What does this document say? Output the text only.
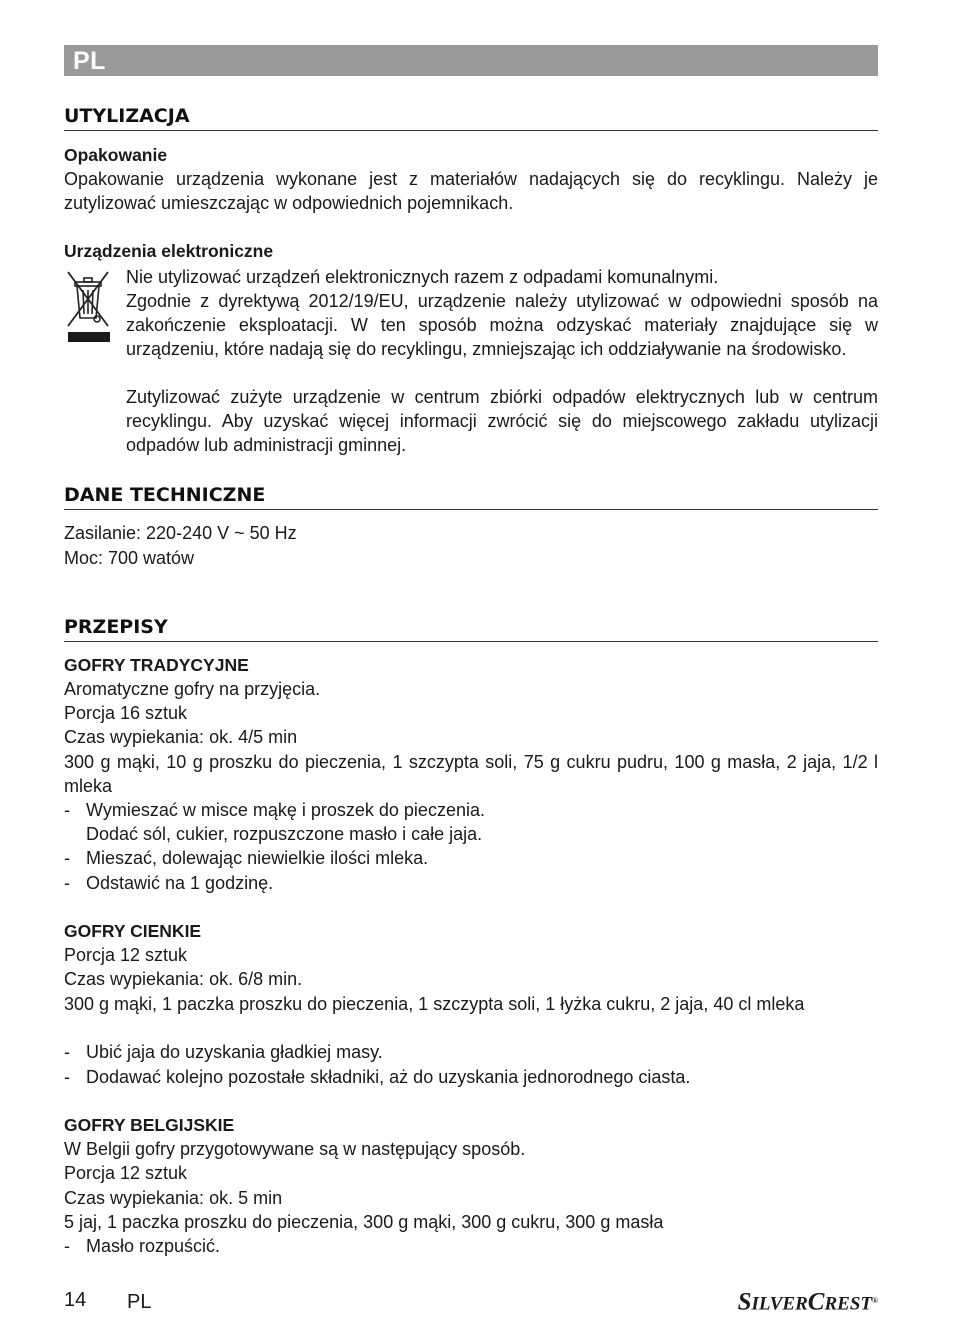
PL
UTYLIZACJA
Opakowanie
Opakowanie urządzenia wykonane jest z materiałów nadających się do recyklingu. Należy je zutylizować umieszczając w odpowiednich pojemnikach.
Urządzenia elektroniczne
Nie utylizować urządzeń elektronicznych razem z odpadami komunalnymi.
Zgodnie z dyrektywą 2012/19/EU, urządzenie należy utylizować w odpowiedni sposób na zakończenie eksploatacji. W ten sposób można odzyskać materiały znajdujące się w urządzeniu, które nadają się do recyklingu, zmniejszając ich oddziaływanie na środowisko.
Zutylizować zużyte urządzenie w centrum zbiórki odpadów elektrycznych lub w centrum recyklingu. Aby uzyskać więcej informacji zwrócić się do miejscowego zakładu utylizacji odpadów lub administracji gminnej.
DANE TECHNICZNE
Zasilanie: 220-240 V ~ 50 Hz
Moc: 700 watów
PRZEPISY
GOFRY TRADYCYJNE
Aromatyczne gofry na przyjęcia.
Porcja 16 sztuk
Czas wypiekania: ok. 4/5 min
300 g mąki, 10 g proszku do pieczenia, 1 szczypta soli, 75 g cukru pudru, 100 g masła, 2 jaja, 1/2 l mleka
- Wymieszać w misce mąkę i proszek do pieczenia.
Dodać sól, cukier, rozpuszczone masło i całe jaja.
- Mieszać, dolewając niewielkie ilości mleka.
- Odstawić na 1 godzinę.
GOFRY CIENKIE
Porcja 12 sztuk
Czas wypiekania: ok. 6/8 min.
300 g mąki, 1 paczka proszku do pieczenia, 1 szczypta soli, 1 łyżka cukru, 2 jaja, 40 cl mleka
- Ubić jaja do uzyskania gładkiej masy.
- Dodawać kolejno pozostałe składniki, aż do uzyskania jednorodnego ciasta.
GOFRY BELGIJSKIE
W Belgii gofry przygotowywane są w następujący sposób.
Porcja 12 sztuk
Czas wypiekania: ok. 5 min
5 jaj, 1 paczka proszku do pieczenia, 300 g mąki, 300 g cukru, 300 g masła
- Masło rozpuścić.
14 PL	SILVERCREST®
